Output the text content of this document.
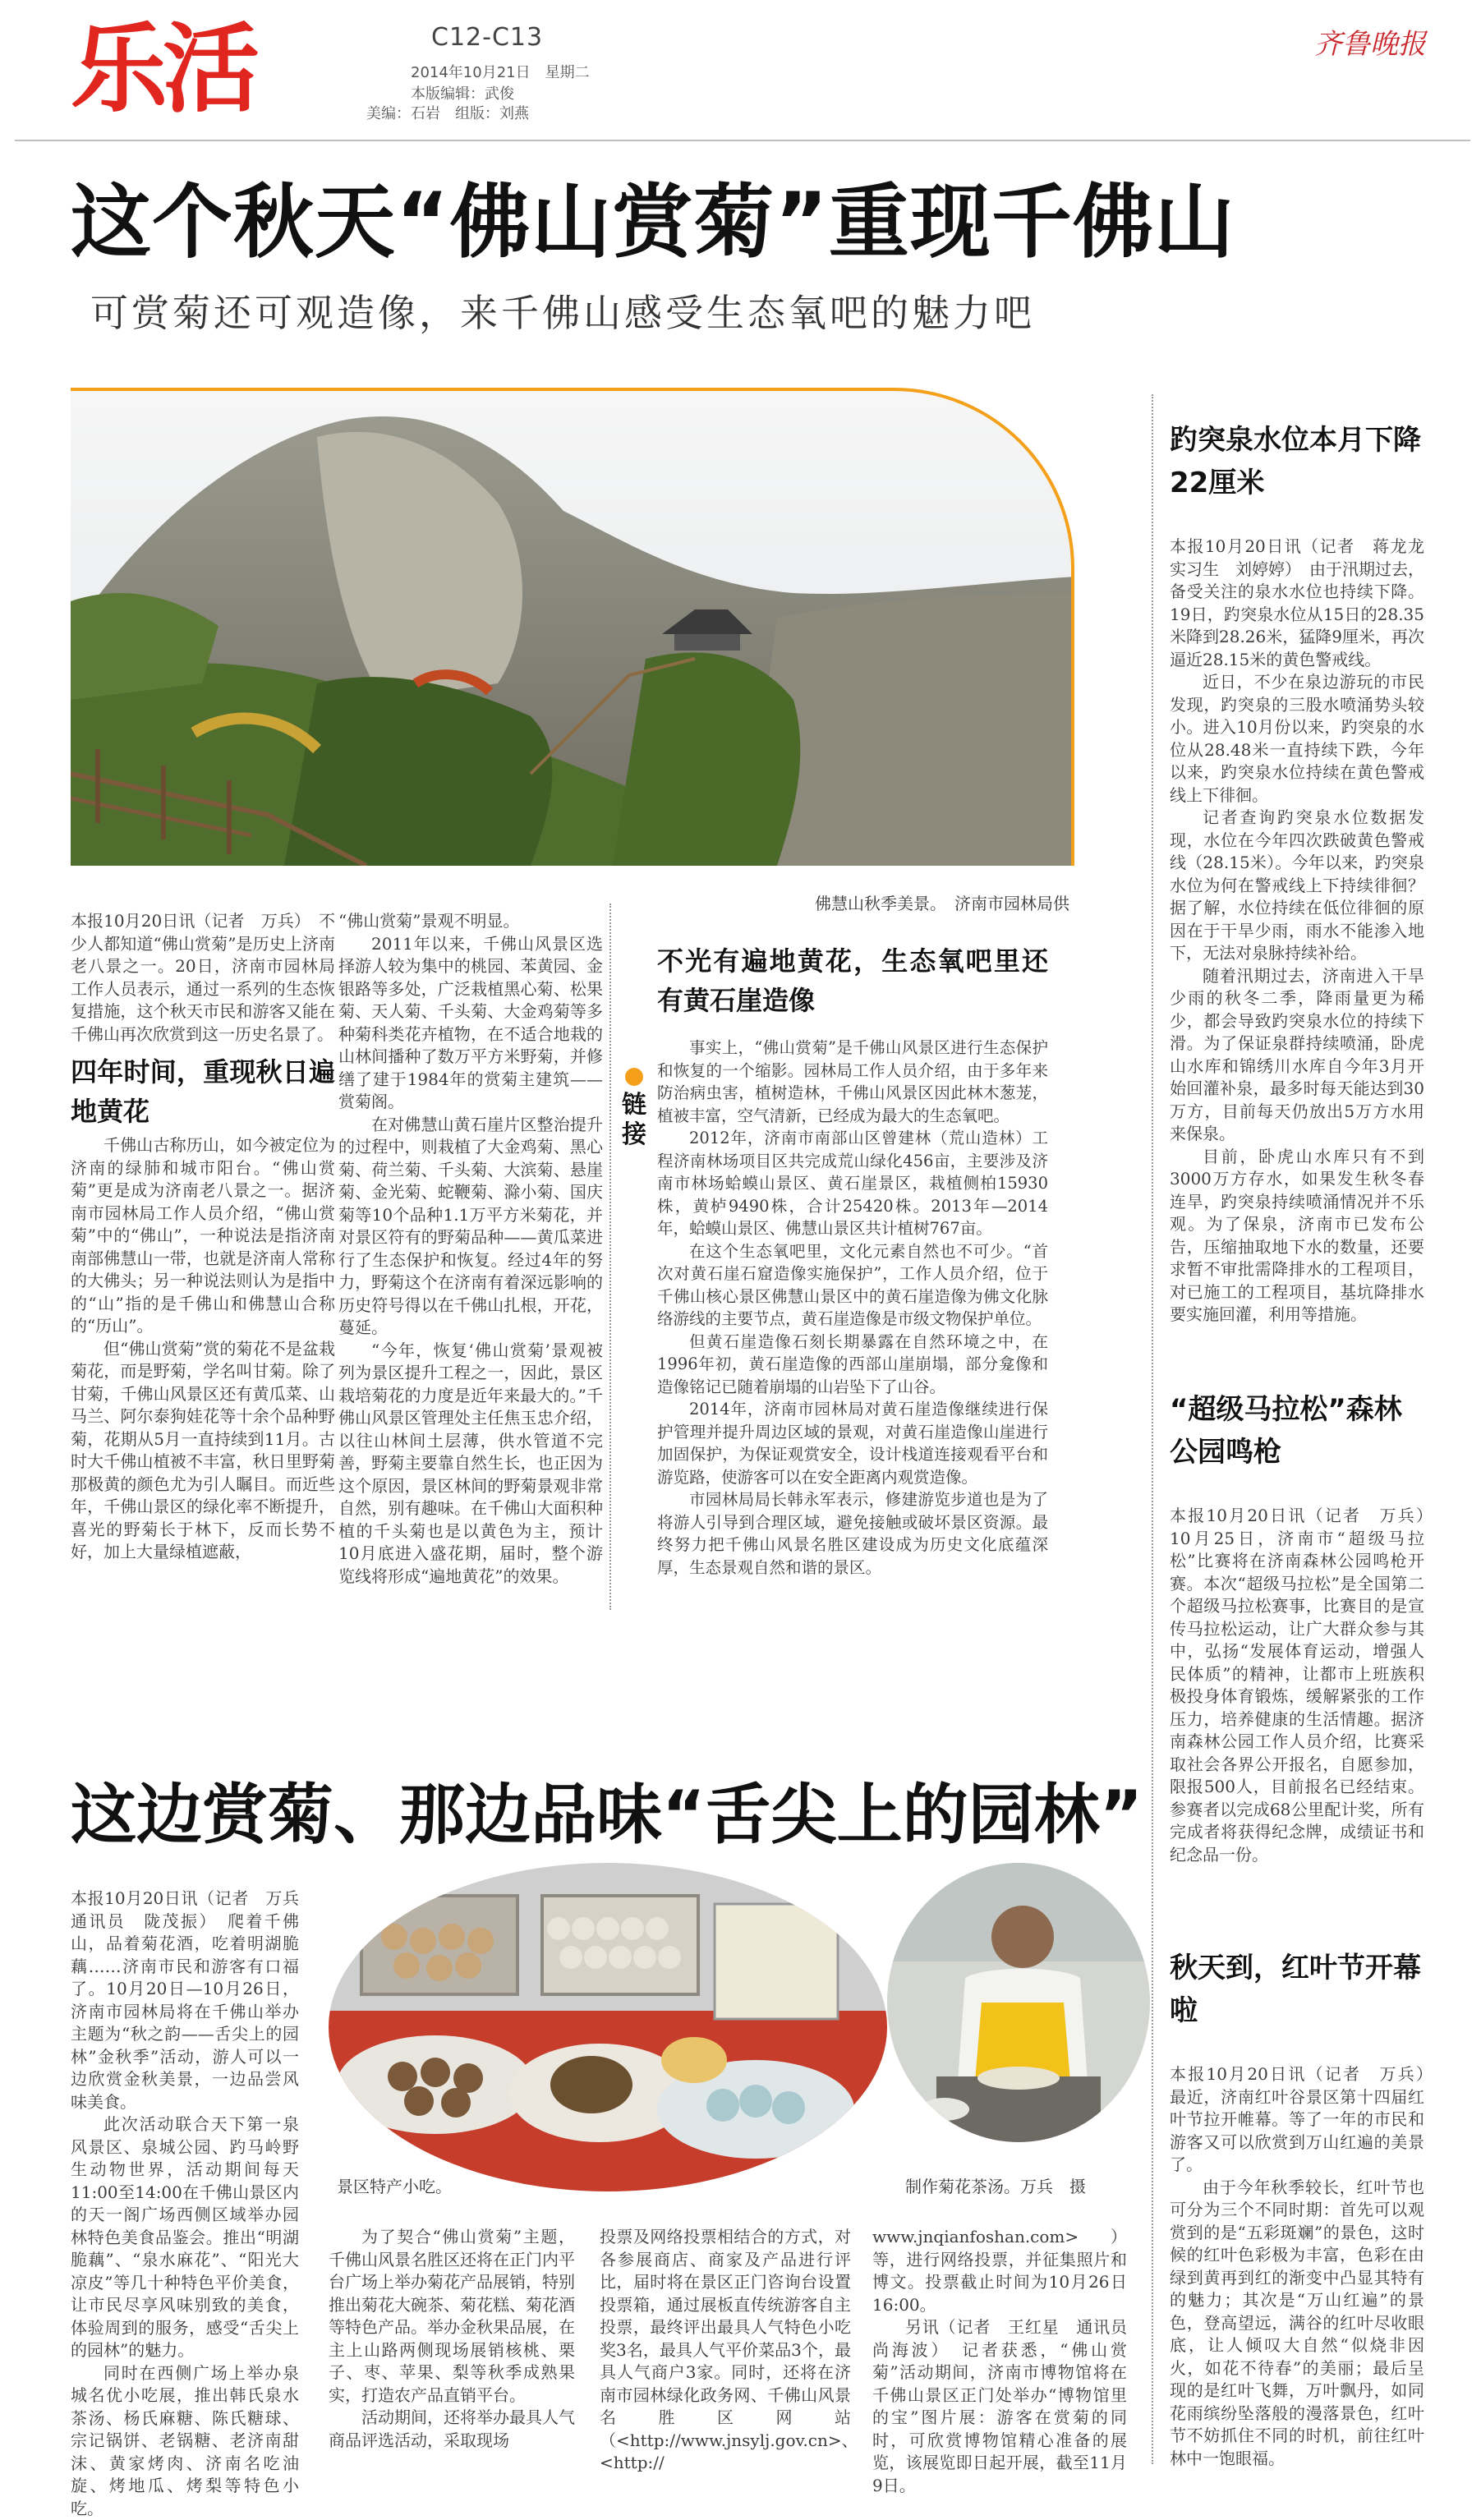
乐活	C12-C13
2014年10月21日　星期二
本版编辑：武俊
美编：石岩　组版：刘燕
齐鲁晚报
这个秋天“佛山赏菊”重现千佛山
可赏菊还可观造像，来千佛山感受生态氧吧的魅力吧
佛慧山秋季美景。　济南市园林局供

本报10月20日讯（记者　万兵）　不少人都知道“佛山赏菊”是历史上济南老八景之一。20日，济南市园林局工作人员表示，通过一系列的生态恢复措施，这个秋天市民和游客又能在千佛山再次欣赏到这一历史名景了。

四年时间，重现秋日遍地黄花

千佛山古称历山，如今被定位为济南的绿肺和城市阳台。“佛山赏菊”更是成为济南老八景之一。据济南市园林局工作人员介绍，“佛山赏菊”中的“佛山”，一种说法是指济南南部佛慧山一带，也就是济南人常称的大佛头；另一种说法则认为是指中的“山”指的是千佛山和佛慧山合称的“历山”。

但“佛山赏菊”赏的菊花不是盆栽菊花，而是野菊，学名叫甘菊。除了甘菊，千佛山风景区还有黄瓜菜、山马兰、阿尔泰狗娃花等十余个品种野菊，花期从5月一直持续到11月。古时大千佛山植被不丰富，秋日里野菊那极黄的颜色尤为引人瞩目。而近些年，千佛山景区的绿化率不断提升，喜光的野菊长于林下，反而长势不好，加上大量绿植遮蔽，

“佛山赏菊”景观不明显。

2011年以来，千佛山风景区选择游人较为集中的桃园、苯黄园、金银路等多处，广泛栽植黑心菊、松果菊、天人菊、千头菊、大金鸡菊等多种菊科类花卉植物，在不适合地栽的山林间播种了数万平方米野菊，并修缮了建于1984年的赏菊主建筑——赏菊阁。

在对佛慧山黄石崖片区整治提升的过程中，则栽植了大金鸡菊、黑心菊、荷兰菊、千头菊、大滨菊、悬崖菊、金光菊、蛇鞭菊、滁小菊、国庆菊等10个品种1.1万平方米菊花，并对景区符有的野菊品种——黄瓜菜进行了生态保护和恢复。经过4年的努力，野菊这个在济南有着深远影响的历史符号得以在千佛山扎根，开花，蔓延。

“今年，恢复‘佛山赏菊’景观被列为景区提升工程之一，因此，景区栽培菊花的力度是近年来最大的。”千佛山风景区管理处主任焦玉忠介绍，以往山林间土层薄，供水管道不完善，野菊主要靠自然生长，也正因为这个原因，景区林间的野菊景观非常自然，别有趣味。在千佛山大面积种植的千头菊也是以黄色为主，预计10月底进入盛花期，届时，整个游览线将形成“遍地黄花”的效果。

链接
不光有遍地黄花，生态氧吧里还有黄石崖造像

事实上，“佛山赏菊”是千佛山风景区进行生态保护和恢复的一个缩影。园林局工作人员介绍，由于多年来防治病虫害，植树造林，千佛山风景区因此林木葱茏，植被丰富，空气清新，已经成为最大的生态氧吧。

2012年，济南市南部山区曾建林（荒山造林）工程济南林场项目区共完成荒山绿化456亩，主要涉及济南市林场蛤蟆山景区、黄石崖景区，栽植侧柏15930株，黄栌9490株，合计25420株。2013年—2014年，蛤蟆山景区、佛慧山景区共计植树767亩。

在这个生态氧吧里，文化元素自然也不可少。“首次对黄石崖石窟造像实施保护”，工作人员介绍，位于千佛山核心景区佛慧山景区中的黄石崖造像为佛文化脉络游线的主要节点，黄石崖造像是市级文物保护单位。

但黄石崖造像石刻长期暴露在自然环境之中，在1996年初，黄石崖造像的西部山崖崩塌，部分龛像和造像铭记已随着崩塌的山岩坠下了山谷。

2014年，济南市园林局对黄石崖造像继续进行保护管理并提升周边区域的景观，对黄石崖造像山崖进行加固保护，为保证观赏安全，设计栈道连接观看平台和游览路，使游客可以在安全距离内观赏造像。

市园林局局长韩永军表示，修建游览步道也是为了将游人引导到合理区域，避免接触或破坏景区资源。最终努力把千佛山风景名胜区建设成为历史文化底蕴深厚，生态景观自然和谐的景区。

趵突泉水位本月下降22厘米

本报10月20日讯（记者　蒋龙龙　实习生　刘婷婷）　由于汛期过去，备受关注的泉水水位也持续下降。19日，趵突泉水位从15日的28.35米降到28.26米，猛降9厘米，再次逼近28.15米的黄色警戒线。

近日，不少在泉边游玩的市民发现，趵突泉的三股水喷涌势头较小。进入10月份以来，趵突泉的水位从28.48米一直持续下跌，今年以来，趵突泉水位持续在黄色警戒线上下徘徊。

记者查询趵突泉水位数据发现，水位在今年四次跌破黄色警戒线（28.15米）。今年以来，趵突泉水位为何在警戒线上下持续徘徊？据了解，水位持续在低位徘徊的原因在于干旱少雨，雨水不能渗入地下，无法对泉脉持续补给。

随着汛期过去，济南进入干旱少雨的秋冬二季，降雨量更为稀少，都会导致趵突泉水位的持续下滑。为了保证泉群持续喷涌，卧虎山水库和锦绣川水库自今年3月开始回灌补泉，最多时每天能达到30万方，目前每天仍放出5万方水用来保泉。

目前，卧虎山水库只有不到3000万方存水，如果发生秋冬春连旱，趵突泉持续喷涌情况并不乐观。为了保泉，济南市已发布公告，压缩抽取地下水的数量，还要求暂不审批需降排水的工程项目，对已施工的工程项目，基坑降排水要实施回灌，利用等措施。

“超级马拉松”森林公园鸣枪

本报10月20日讯（记者　万兵）　10月25日，济南市“超级马拉松”比赛将在济南森林公园鸣枪开赛。本次“超级马拉松”是全国第二个超级马拉松赛事，比赛目的是宣传马拉松运动，让广大群众参与其中，弘扬“发展体育运动，增强人民体质”的精神，让都市上班族积极投身体育锻炼，缓解紧张的工作压力，培养健康的生活情趣。据济南森林公园工作人员介绍，比赛采取社会各界公开报名，自愿参加，限报500人，目前报名已经结束。参赛者以完成68公里配计奖，所有完成者将获得纪念牌，成绩证书和纪念品一份。

秋天到，红叶节开幕啦

本报10月20日讯（记者　万兵）　最近，济南红叶谷景区第十四届红叶节拉开帷幕。等了一年的市民和游客又可以欣赏到万山红遍的美景了。

由于今年秋季较长，红叶节也可分为三个不同时期：首先可以观赏到的是“五彩斑斓”的景色，这时候的红叶色彩极为丰富，色彩在由绿到黄再到红的渐变中凸显其特有的魅力；其次是“万山红遍”的景色，登高望远，满谷的红叶尽收眼底，让人倾叹大自然“似烧非因火，如花不待春”的美丽；最后呈现的是红叶飞舞，万叶飘丹，如同花雨缤纷坠落般的漫落景色，红叶节不妨抓住不同的时机，前往红叶林中一饱眼福。

这边赏菊、那边品味“舌尖上的园林”
景区特产小吃。	制作菊花茶汤。万兵　摄

本报10月20日讯（记者　万兵　通讯员　陇茂振）　爬着千佛山，品着菊花酒，吃着明湖脆藕……济南市民和游客有口福了。10月20日—10月26日，济南市园林局将在千佛山举办主题为“秋之韵——舌尖上的园林”金秋季”活动，游人可以一边欣赏金秋美景，一边品尝风味美食。

此次活动联合天下第一泉风景区、泉城公园、趵马岭野生动物世界，活动期间每天11:00至14:00在千佛山景区内的天一阁广场西侧区域举办园林特色美食品鉴会。推出“明湖脆藕”、“泉水麻花”、“阳光大凉皮”等几十种特色平价美食，让市民尽享风味别致的美食，体验周到的服务，感受“舌尖上的园林”的魅力。

同时在西侧广场上举办泉城名优小吃展，推出韩氏泉水茶汤、杨氏麻糖、陈氏糖球、宗记锅饼、老锅糖、老济南甜沫、黄家烤肉、济南名吃油旋、烤地瓜、烤梨等特色小吃。

为了契合“佛山赏菊”主题，千佛山风景名胜区还将在正门内平台广场上举办菊花产品展销，特别推出菊花大碗茶、菊花糕、菊花酒等特色产品。举办金秋果品展，在主上山路两侧现场展销核桃、栗子、枣、苹果、梨等秋季成熟果实，打造农产品直销平台。

活动期间，还将举办最具人气商品评选活动，采取现场

投票及网络投票相结合的方式，对各参展商店、商家及产品进行评比，届时将在景区正门咨询台设置投票箱，通过展板直传统游客自主投票，最终评出最具人气特色小吃奖3名，最具人气平价菜品3个，最具人气商户3家。同时，还将在济南市园林绿化政务网、千佛山风景名胜区网站（<http://www.jnsylj.gov.cn>、<http://

www.jnqianfoshan.com>）等，进行网络投票，并征集照片和博文。投票截止时间为10月26日16:00。

另讯（记者　王红星　通讯员　尚海波）　记者获悉，“佛山赏菊”活动期间，济南市博物馆将在千佛山景区正门处举办“博物馆里的宝”图片展：游客在赏菊的同时，可欣赏博物馆精心准备的展览，该展览即日起开展，截至11月9日。
